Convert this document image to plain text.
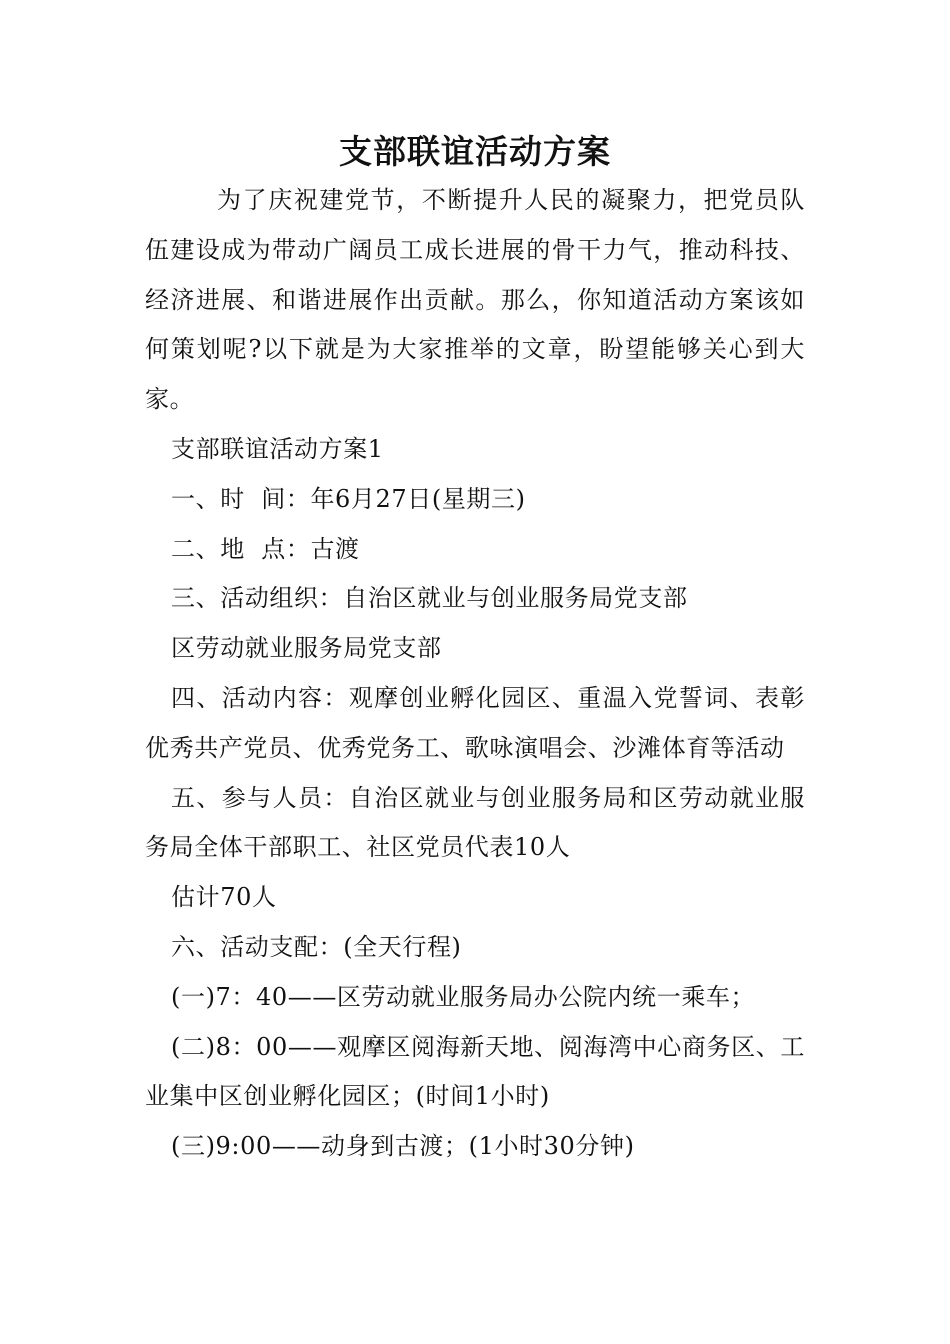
支部联谊活动方案

为了庆祝建党节，不断提升人民的凝聚力，把党员队伍建设成为带动广阔员工成长进展的骨干力气，推动科技、经济进展、和谐进展作出贡献。那么，你知道活动方案该如何策划呢?以下就是为大家推举的文章，盼望能够关心到大家。

支部联谊活动方案1

一、时  间：年6月27日(星期三)

二、地  点：古渡

三、活动组织：自治区就业与创业服务局党支部

区劳动就业服务局党支部

四、活动内容：观摩创业孵化园区、重温入党誓词、表彰优秀共产党员、优秀党务工、歌咏演唱会、沙滩体育等活动

五、参与人员：自治区就业与创业服务局和区劳动就业服务局全体干部职工、社区党员代表10人

估计70人

六、活动支配：(全天行程)

(一)7：40——区劳动就业服务局办公院内统一乘车；

(二)8：00——观摩区阅海新天地、阅海湾中心商务区、工业集中区创业孵化园区；(时间1小时)

(三)9:00——动身到古渡；(1小时30分钟)
